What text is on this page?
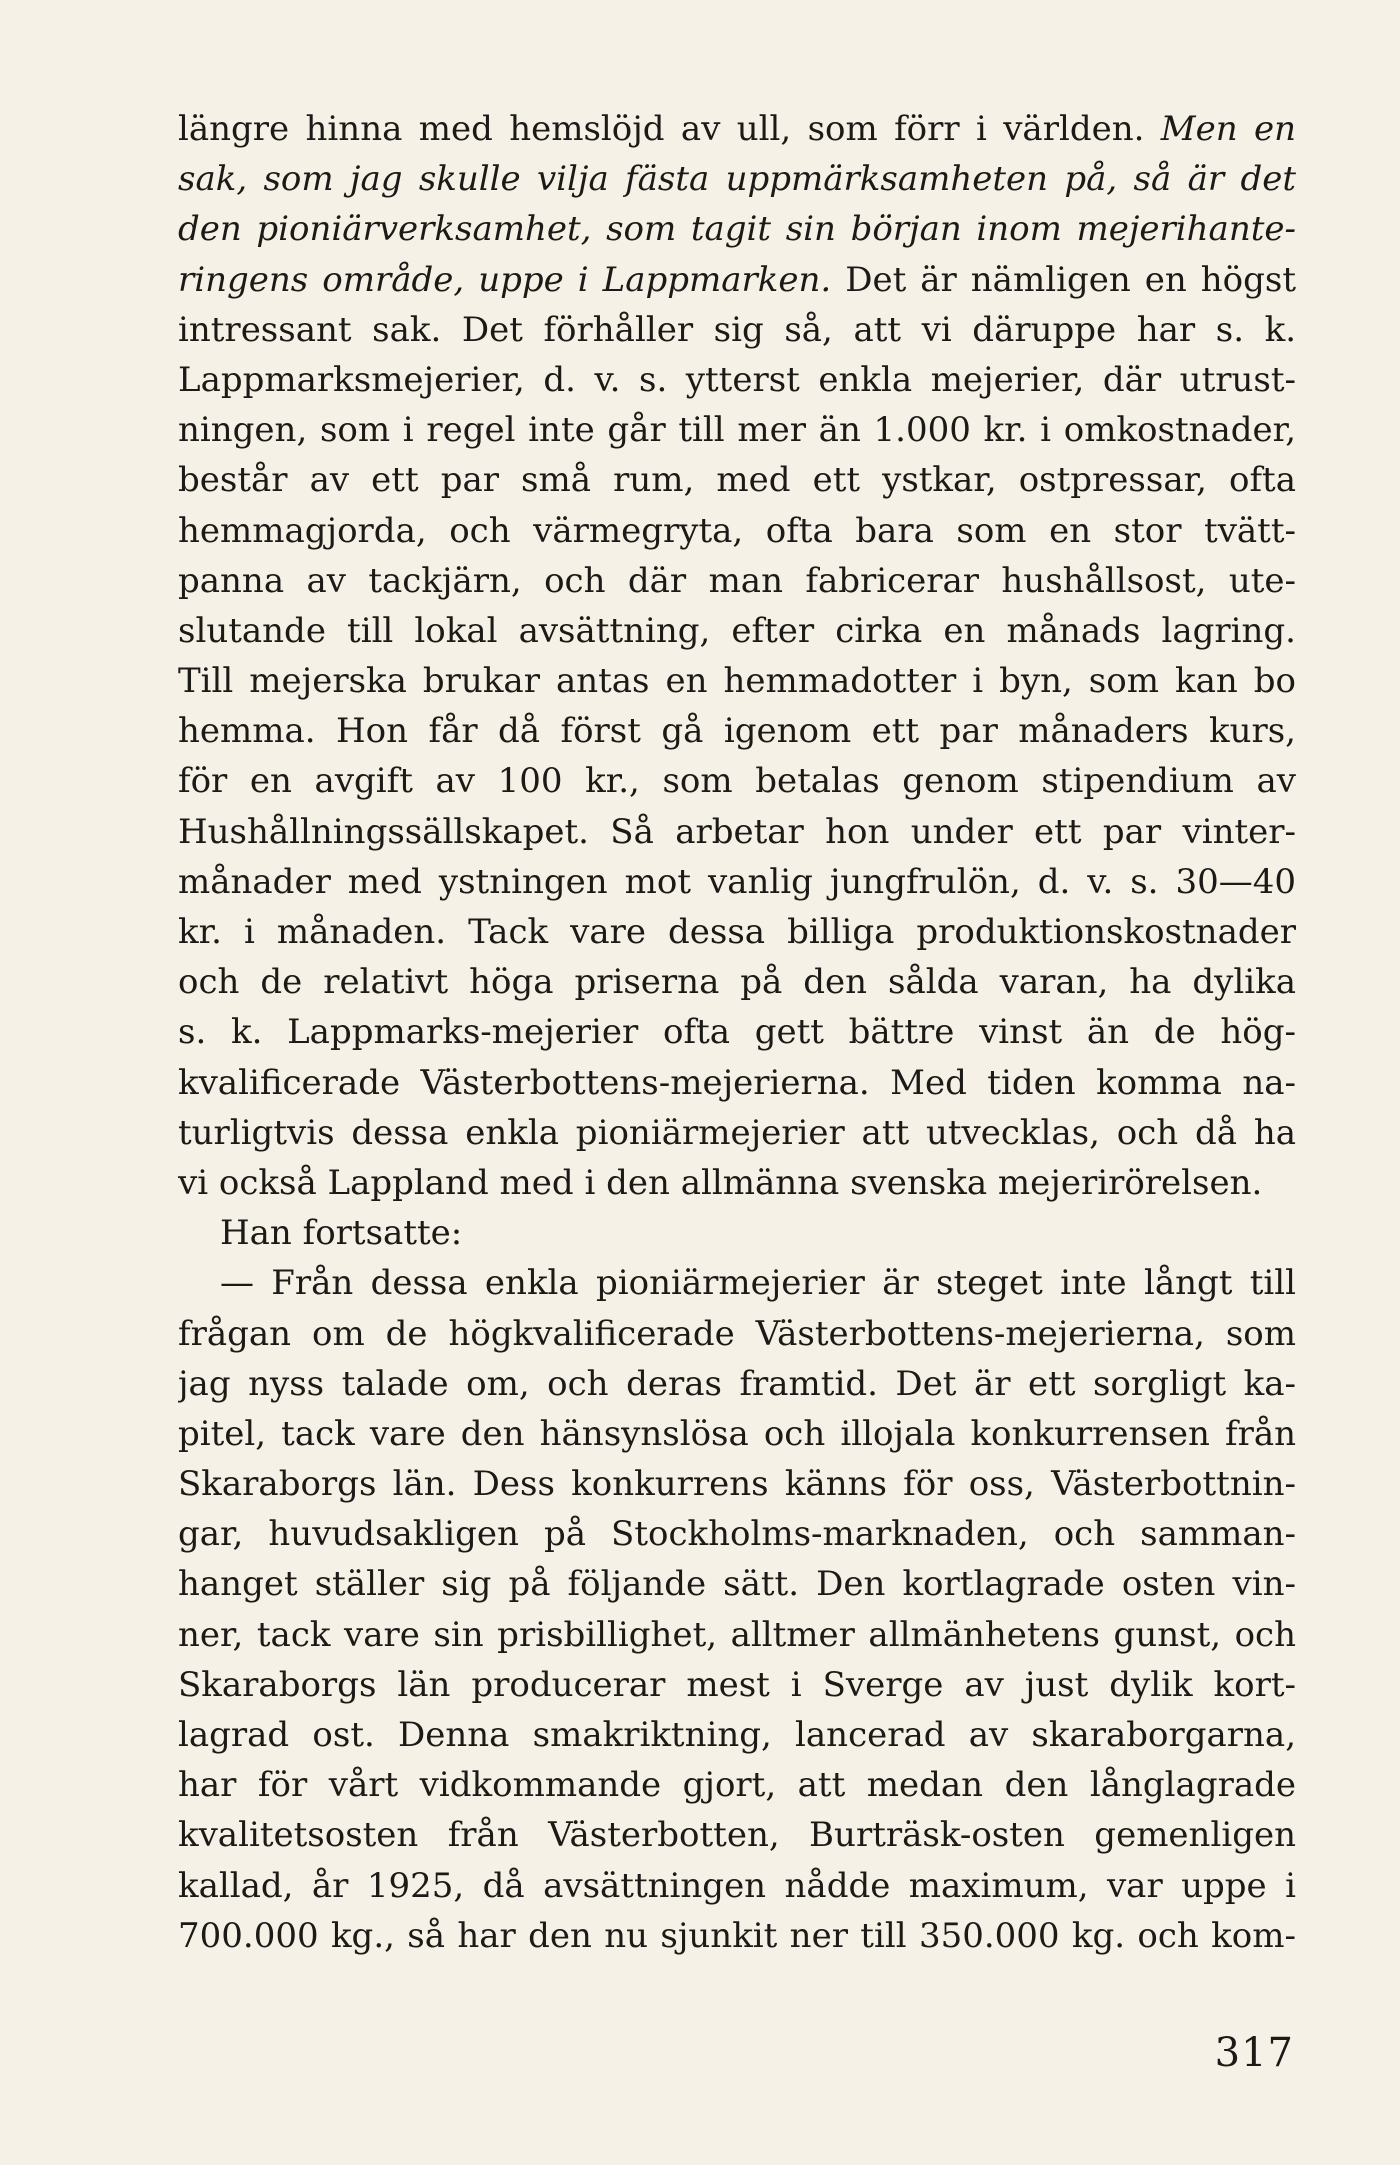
längre hinna med hemslöjd av ull, som förr i världen. Men en
sak, som jag skulle vilja fästa uppmärksamheten på, så är det
den pioniärverksamhet, som tagit sin början inom mejerihante-
ringens område, uppe i Lappmarken. Det är nämligen en högst
intressant sak. Det förhåller sig så, att vi däruppe har s. k.
Lappmarksmejerier, d. v. s. ytterst enkla mejerier, där utrust-
ningen, som i regel inte går till mer än 1.000 kr. i omkostnader,
består av ett par små rum, med ett ystkar, ostpressar, ofta
hemmagjorda, och värmegryta, ofta bara som en stor tvätt-
panna av tackjärn, och där man fabricerar hushållsost, ute-
slutande till lokal avsättning, efter cirka en månads lagring.
Till mejerska brukar antas en hemmadotter i byn, som kan bo
hemma. Hon får då först gå igenom ett par månaders kurs,
för en avgift av 100 kr., som betalas genom stipendium av
Hushållningssällskapet. Så arbetar hon under ett par vinter-
månader med ystningen mot vanlig jungfrulön, d. v. s. 30—40
kr. i månaden. Tack vare dessa billiga produktionskostnader
och de relativt höga priserna på den sålda varan, ha dylika
s. k. Lappmarks-mejerier ofta gett bättre vinst än de hög-
kvalificerade Västerbottens-mejerierna. Med tiden komma na-
turligtvis dessa enkla pioniärmejerier att utvecklas, och då ha
vi också Lappland med i den allmänna svenska mejerirörelsen.
Han fortsatte:
— Från dessa enkla pioniärmejerier är steget inte långt till
frågan om de högkvalificerade Västerbottens-mejerierna, som
jag nyss talade om, och deras framtid. Det är ett sorgligt ka-
pitel, tack vare den hänsynslösa och illojala konkurrensen från
Skaraborgs län. Dess konkurrens känns för oss, Västerbottnin-
gar, huvudsakligen på Stockholms-marknaden, och samman-
hanget ställer sig på följande sätt. Den kortlagrade osten vin-
ner, tack vare sin prisbillighet, alltmer allmänhetens gunst, och
Skaraborgs län producerar mest i Sverge av just dylik kort-
lagrad ost. Denna smakriktning, lancerad av skaraborgarna,
har för vårt vidkommande gjort, att medan den långlagrade
kvalitetsosten från Västerbotten, Burträsk-osten gemenligen
kallad, år 1925, då avsättningen nådde maximum, var uppe i
700.000 kg., så har den nu sjunkit ner till 350.000 kg. och kom-
317
